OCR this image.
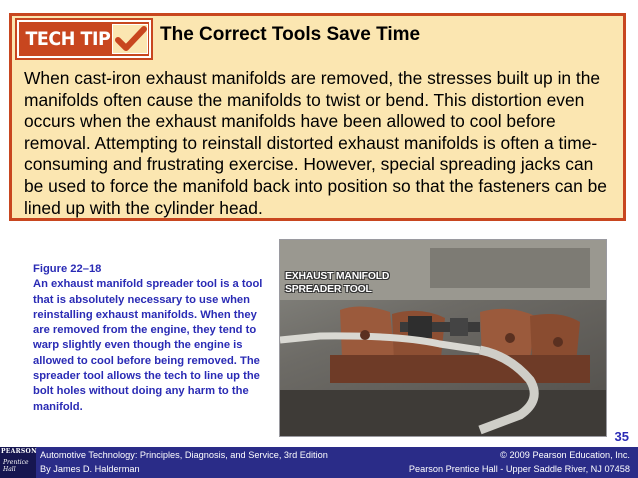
TECH TIP	The Correct Tools Save Time
When cast-iron exhaust manifolds are removed, the stresses built up in the manifolds often cause the manifolds to twist or bend. This distortion even occurs when the exhaust manifolds have been allowed to cool before removal. Attempting to reinstall distorted exhaust manifolds is often a time-consuming and frustrating exercise. However, special spreading jacks can be used to force the manifold back into position so that the fasteners can be lined up with the cylinder head.
Figure 22–18
An exhaust manifold spreader tool is a tool that is absolutely necessary to use when reinstalling exhaust manifolds. When they are removed from the engine, they tend to warp slightly even though the engine is allowed to cool before being removed. The spreader tool allows the tech to line up the bolt holes without doing any harm to the manifold.
EXHAUST MANIFOLD
SPREADER TOOL
35
PEARSON
Prentice
Hall
Automotive Technology: Principles, Diagnosis, and Service, 3rd Edition
By James D. Halderman
© 2009 Pearson Education, Inc.
Pearson Prentice Hall - Upper Saddle River, NJ 07458
